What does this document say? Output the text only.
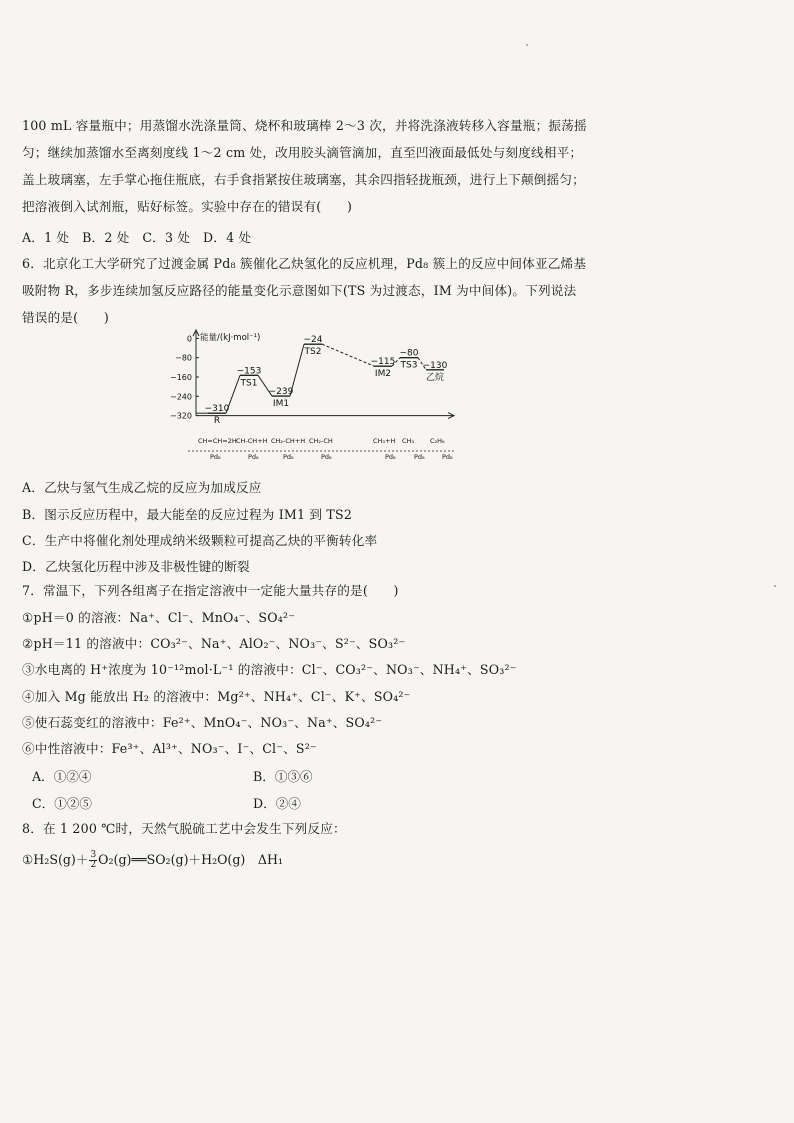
100 mL 容量瓶中；用蒸馏水洗涤量筒、烧杯和玻璃棒 2～3 次，并将洗涤液转移入容量瓶；振荡摇
匀；继续加蒸馏水至离刻度线 1～2 cm 处，改用胶头滴管滴加，直至凹液面最低处与刻度线相平；
盖上玻璃塞，左手掌心拖住瓶底，右手食指紧按住玻璃塞，其余四指轻拢瓶颈，进行上下颠倒摇匀；
把溶液倒入试剂瓶，贴好标签。实验中存在的错误有(　　)
A．1 处　B．2 处　C．3 处　D．4 处
6．北京化工大学研究了过渡金属 Pd₈ 簇催化乙炔氢化的反应机理，Pd₈ 簇上的反应中间体亚乙烯基
吸附物 R，多步连续加氢反应路径的能量变化示意图如下(TS 为过渡态，IM 为中间体)。下列说法
错误的是(　　)
A．乙炔与氢气生成乙烷的反应为加成反应
B．图示反应历程中，最大能垒的反应过程为 IM1 到 TS2
C．生产中将催化剂处理成纳米级颗粒可提高乙炔的平衡转化率
D．乙炔氢化历程中涉及非极性键的断裂
7．常温下，下列各组离子在指定溶液中一定能大量共存的是(　　)
①pH＝0 的溶液：Na⁺、Cl⁻、MnO₄⁻、SO₄²⁻
②pH＝11 的溶液中：CO₃²⁻、Na⁺、AlO₂⁻、NO₃⁻、S²⁻、SO₃²⁻
③水电离的 H⁺浓度为 10⁻¹²mol·L⁻¹ 的溶液中：Cl⁻、CO₃²⁻、NO₃⁻、NH₄⁺、SO₃²⁻
④加入 Mg 能放出 H₂ 的溶液中：Mg²⁺、NH₄⁺、Cl⁻、K⁺、SO₄²⁻
⑤使石蕊变红的溶液中：Fe²⁺、MnO₄⁻、NO₃⁻、Na⁺、SO₄²⁻
⑥中性溶液中：Fe³⁺、Al³⁺、NO₃⁻、I⁻、Cl⁻、S²⁻
8．在 1 200 ℃时，天然气脱硫工艺中会发生下列反应：
A．①②④	B．①③⑥
C．①②⑤	D．②④
①H₂S(g)＋ $\frac{3}{2}$ O₂(g)══SO₂(g)＋H₂O(g)　ΔH₁
能量/(kJ·mol⁻¹)
0
−80
−160
−240
−320
−310
R
−153
TS1
−239
IM1
−24
TS2
−115
IM2
−80
TS3 −130
乙烷
CH=CH=2H
Pd₈
CH-CH+H
Pd₈
CH₂-CH+H
Pd₈
CH₂-CH
Pd₈
CH₃+H
Pd₈
CH₃
Pd₈
C₂H₆
Pd₈
